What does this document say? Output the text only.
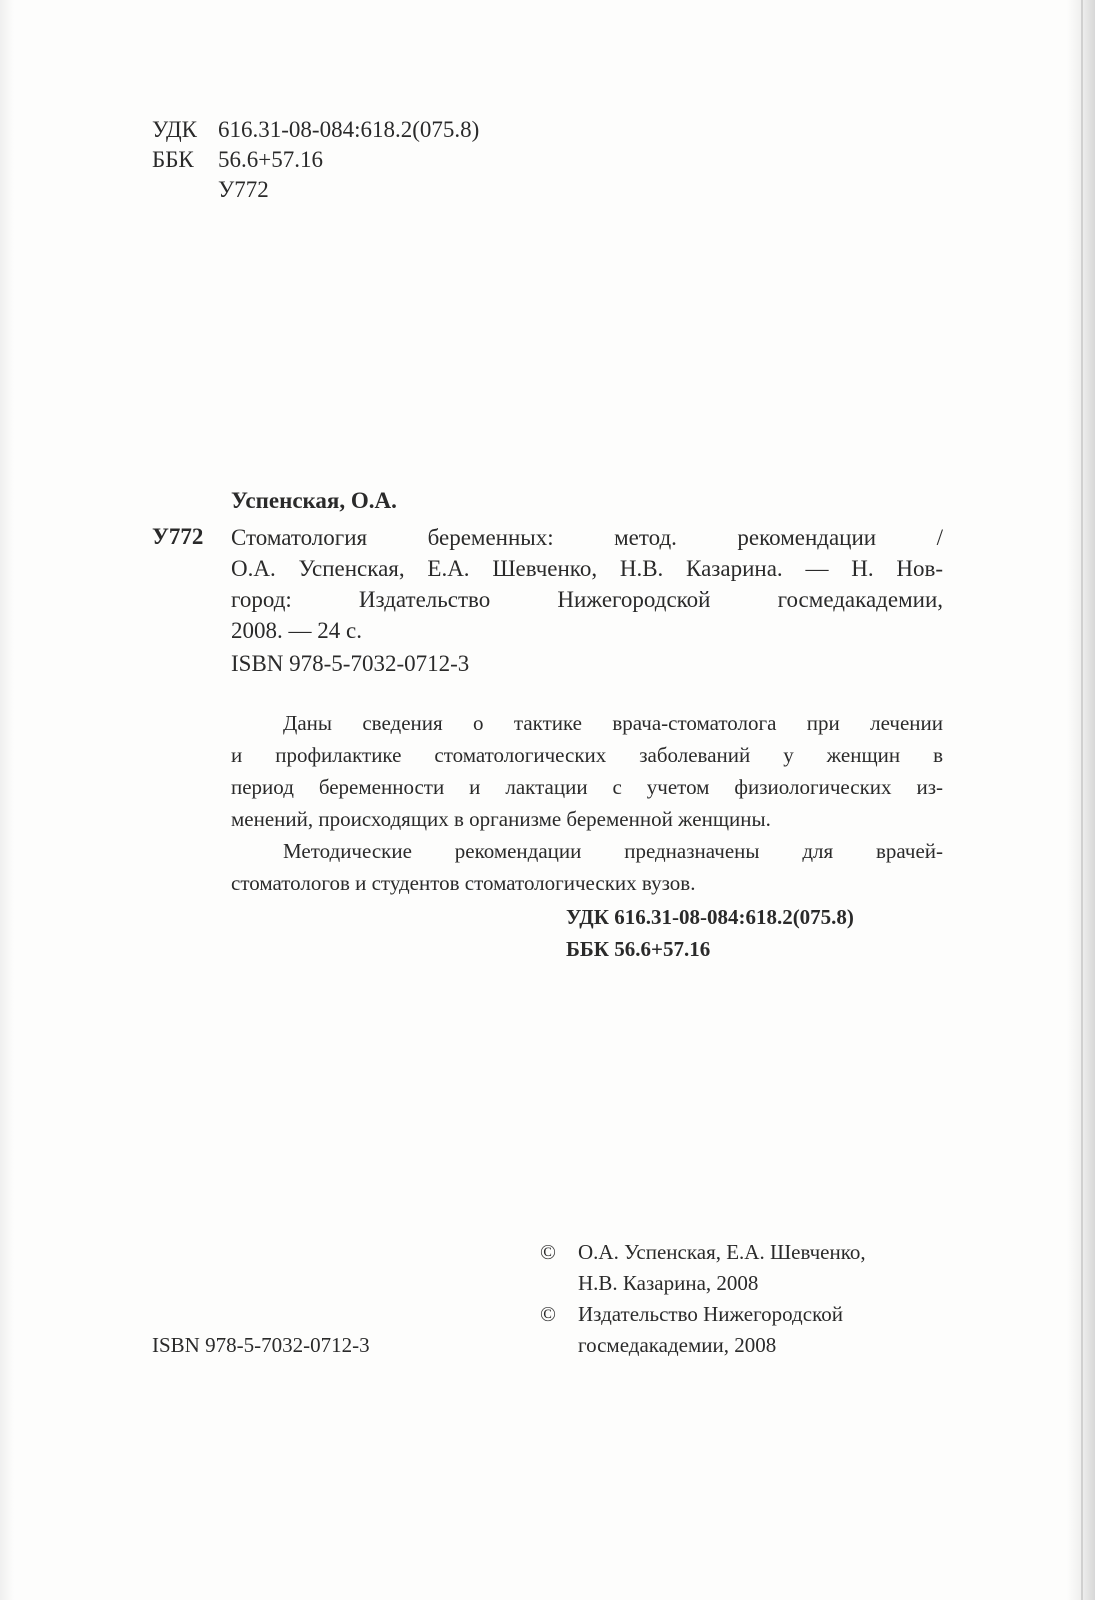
УДК 616.31-08-084:618.2(075.8)
ББК 56.6+57.16
У772
Успенская, О.А.
У772 Стоматология беременных: метод. рекомендации /
О.А. Успенская, Е.А. Шевченко, Н.В. Казарина. — Н. Нов-
город: Издательство Нижегородской госмедакадемии,
2008. — 24 с.
ISBN 978-5-7032-0712-3
Даны сведения о тактике врача-стоматолога при лечении
и профилактике стоматологических заболеваний у женщин в
период беременности и лактации с учетом физиологических из-
менений, происходящих в организме беременной женщины.
Методические рекомендации предназначены для врачей-
стоматологов и студентов стоматологических вузов.
УДК 616.31-08-084:618.2(075.8)
ББК 56.6+57.16
© О.А. Успенская, Е.А. Шевченко,
Н.В. Казарина, 2008
© Издательство Нижегородской
госмедакадемии, 2008
ISBN 978-5-7032-0712-3
